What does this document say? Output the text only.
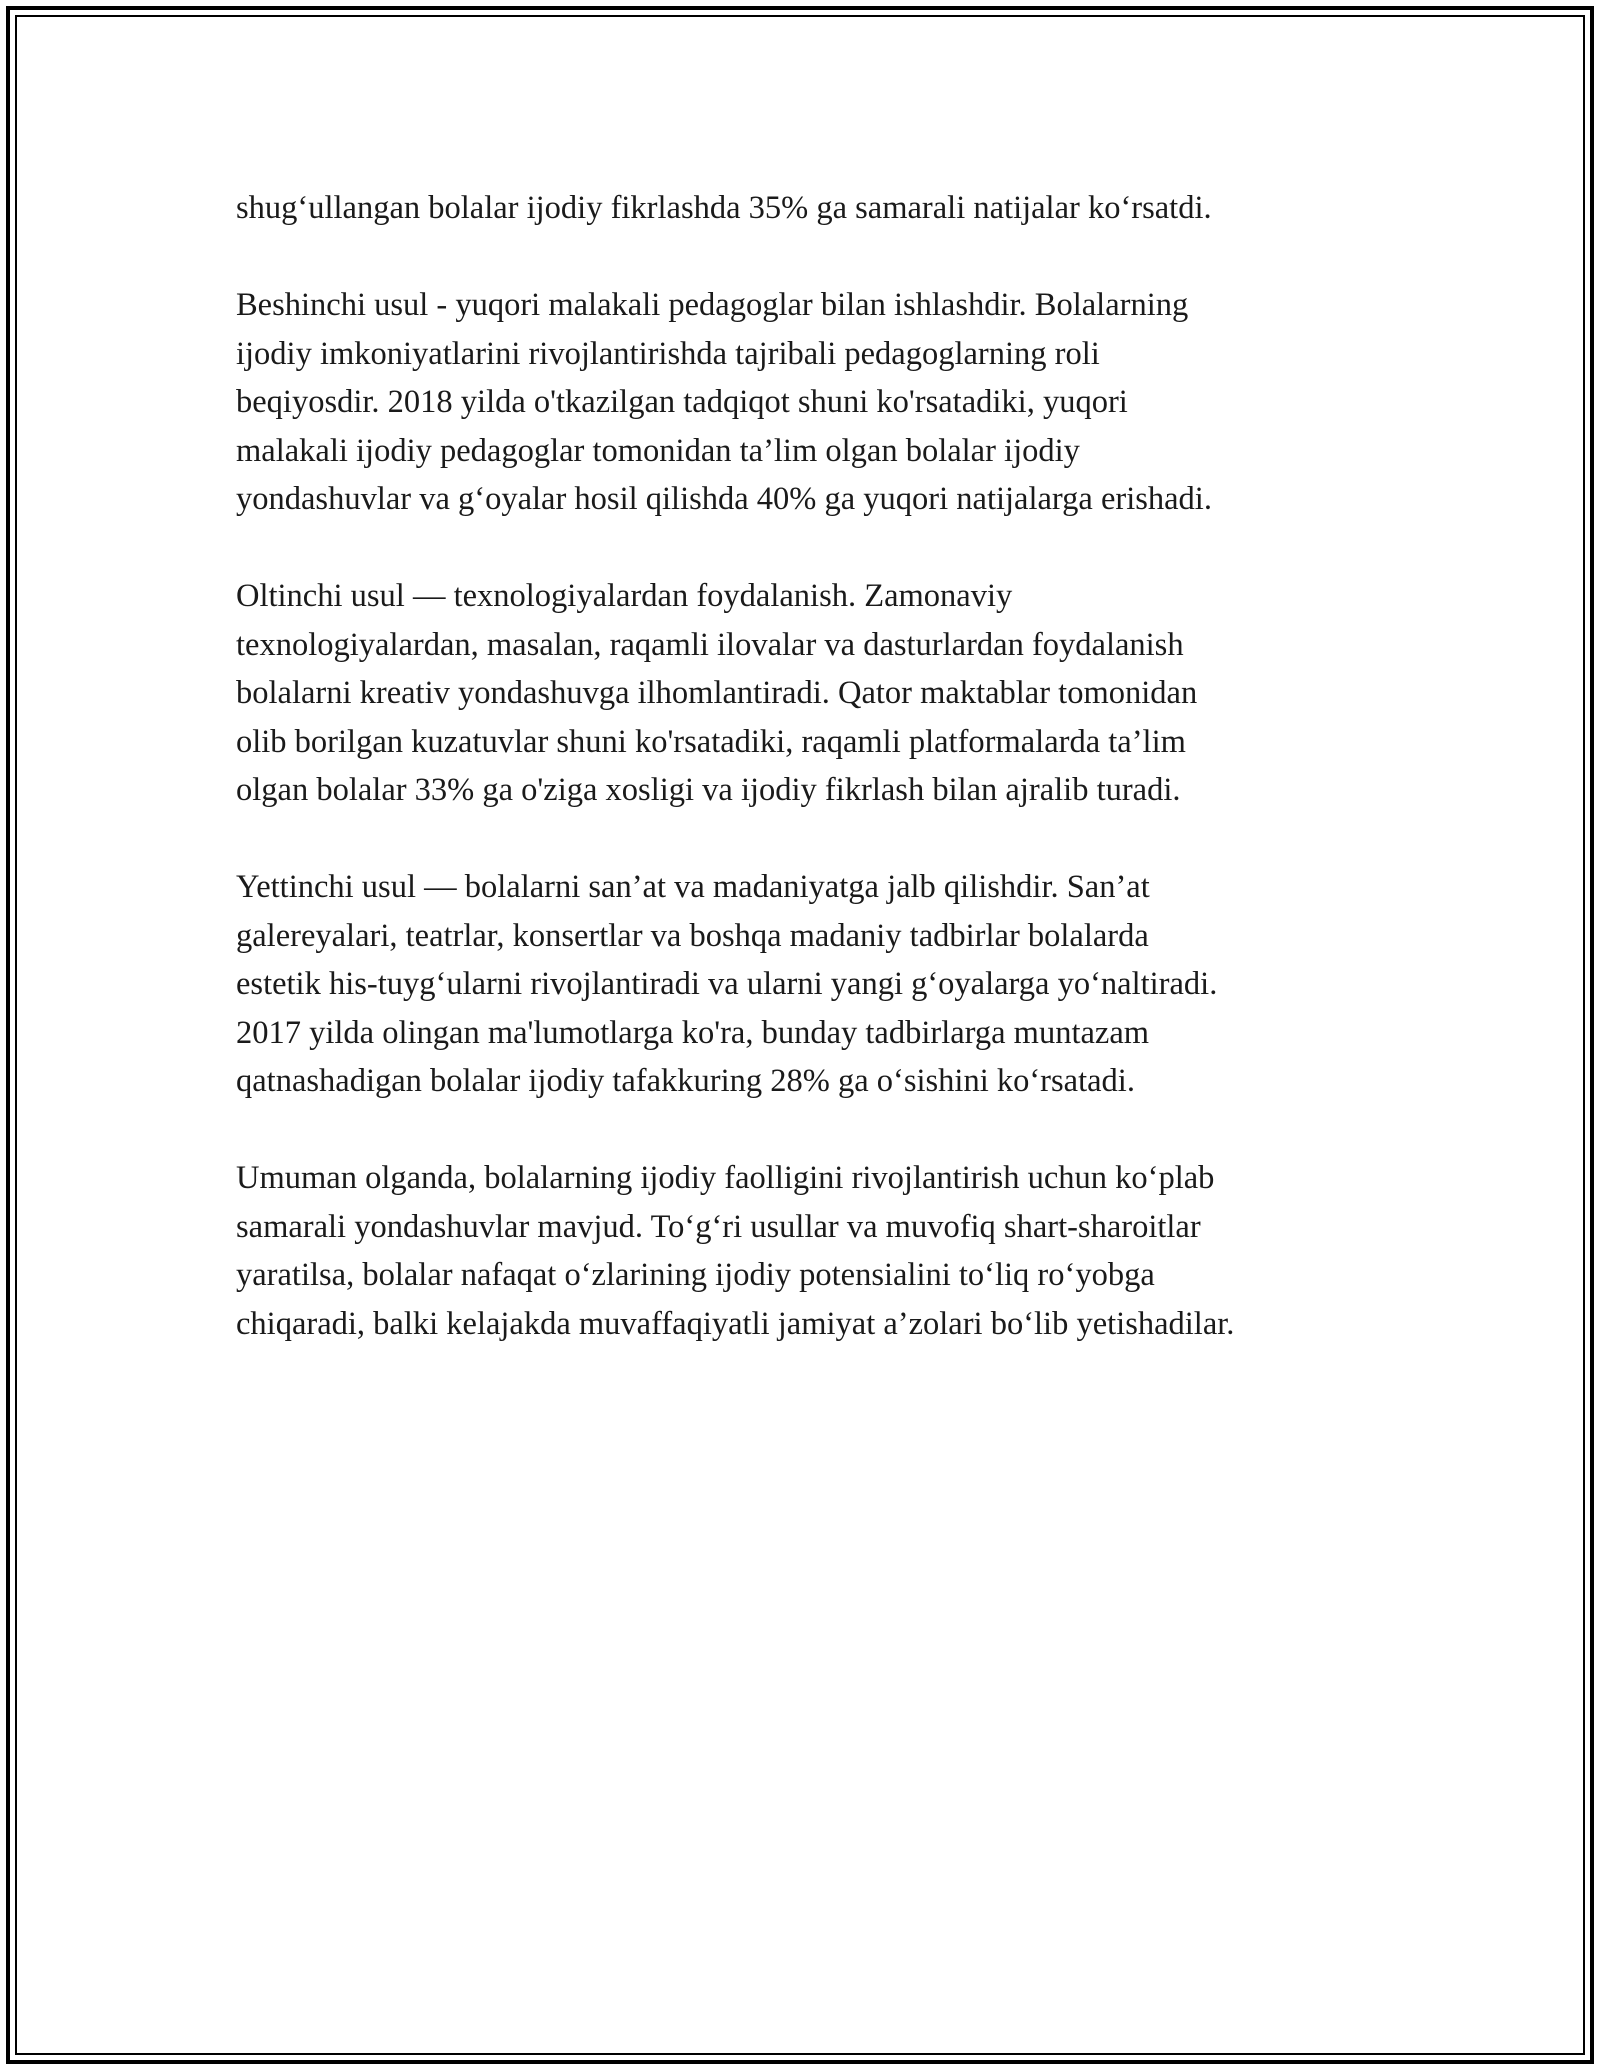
shug‘ullangan bolalar ijodiy fikrlashda 35% ga samarali natijalar ko‘rsatdi.
Beshinchi usul - yuqori malakali pedagoglar bilan ishlashdir. Bolalarning
ijodiy imkoniyatlarini rivojlantirishda tajribali pedagoglarning roli
beqiyosdir. 2018 yilda o'tkazilgan tadqiqot shuni ko'rsatadiki, yuqori
malakali ijodiy pedagoglar tomonidan ta’lim olgan bolalar ijodiy
yondashuvlar va g‘oyalar hosil qilishda 40% ga yuqori natijalarga erishadi.
Oltinchi usul — texnologiyalardan foydalanish. Zamonaviy
texnologiyalardan, masalan, raqamli ilovalar va dasturlardan foydalanish
bolalarni kreativ yondashuvga ilhomlantiradi. Qator maktablar tomonidan
olib borilgan kuzatuvlar shuni ko'rsatadiki, raqamli platformalarda ta’lim
olgan bolalar 33% ga o'ziga xosligi va ijodiy fikrlash bilan ajralib turadi.
Yettinchi usul — bolalarni san’at va madaniyatga jalb qilishdir. San’at
galereyalari, teatrlar, konsertlar va boshqa madaniy tadbirlar bolalarda
estetik his-tuyg‘ularni rivojlantiradi va ularni yangi g‘oyalarga yo‘naltiradi.
2017 yilda olingan ma'lumotlarga ko'ra, bunday tadbirlarga muntazam
qatnashadigan bolalar ijodiy tafakkuring 28% ga o‘sishini ko‘rsatadi.
Umuman olganda, bolalarning ijodiy faolligini rivojlantirish uchun ko‘plab
samarali yondashuvlar mavjud. To‘g‘ri usullar va muvofiq shart-sharoitlar
yaratilsa, bolalar nafaqat o‘zlarining ijodiy potensialini to‘liq ro‘yobga
chiqaradi, balki kelajakda muvaffaqiyatli jamiyat a’zolari bo‘lib yetishadilar.
